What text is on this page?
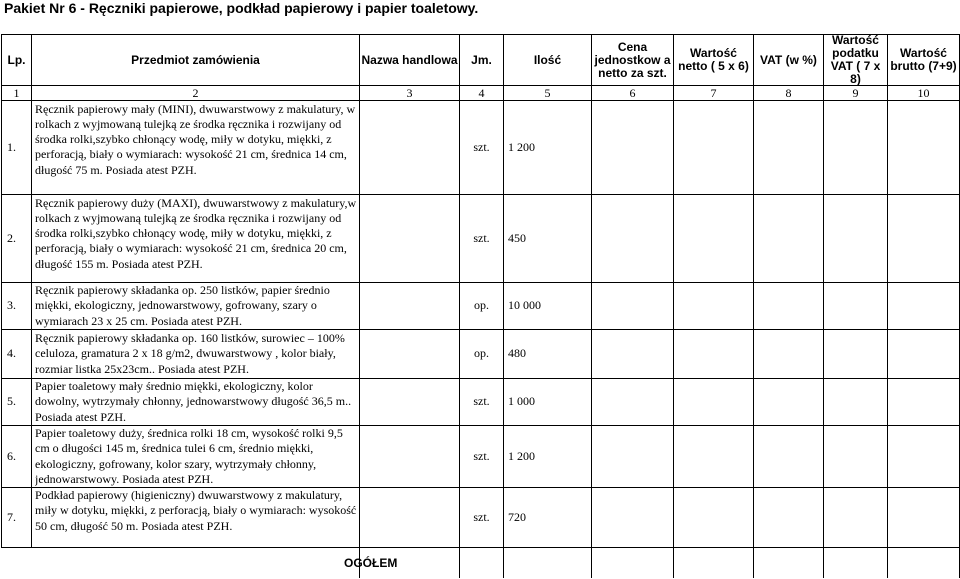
Pakiet Nr 6 - Ręczniki papierowe, podkład papierowy i papier toaletowy.
Lp.	Przedmiot zamówienia	Nazwa handlowa	Jm.	Ilość	Cena jednostkow a netto za szt.	Wartość netto ( 5 x 6)	VAT (w %)	Wartość podatku VAT ( 7 x 8)	Wartość brutto (7+9)

1	2	3	4	5	6	7	8	9	10
1.	Ręcznik papierowy mały (MINI), dwuwarstwowy z makulatury, w rolkach z wyjmowaną tulejką ze środka ręcznika i rozwijany od środka rolki,szybko chłonący wodę, miły w dotyku, miękki, z perforacją, biały o wymiarach: wysokość 21 cm, średnica 14 cm, długość 75 m. Posiada atest PZH.		szt.	1 200					
2.	Ręcznik papierowy duży (MAXI), dwuwarstwowy z makulatury,w rolkach z wyjmowaną tulejką ze środka ręcznika i rozwijany od środka rolki,szybko chłonący wodę, miły w dotyku, miękki, z perforacją, biały o wymiarach: wysokość 21 cm, średnica 20 cm, długość 155 m. Posiada atest PZH.		szt.	450					
3.	Ręcznik papierowy składanka op. 250 listków, papier średnio miękki, ekologiczny, jednowarstwowy, gofrowany, szary o wymiarach 23 x 25 cm. Posiada atest PZH.		op.	10 000					
4.	Ręcznik papierowy składanka op. 160 listków, surowiec – 100% celuloza, gramatura 2 x 18 g/m2, dwuwarstwowy , kolor biały, rozmiar listka 25x23cm.. Posiada atest PZH.		op.	480					
5.	Papier toaletowy mały średnio miękki, ekologiczny, kolor dowolny, wytrzymały chłonny, jednowarstwowy długość 36,5 m.. Posiada atest PZH.		szt.	1 000					
6.	Papier toaletowy duży, średnica rolki 18 cm, wysokość rolki 9,5 cm o długości 145 m, średnica tulei 6 cm, średnio miękki, ekologiczny, gofrowany, kolor szary, wytrzymały chłonny, jednowarstwowy. Posiada atest PZH.		szt.	1 200					
7.	Podkład papierowy (higieniczny) dwuwarstwowy z makulatury, miły w dotyku, miękki, z perforacją, biały o wymiarach: wysokość 50 cm, długość 50 m. Posiada atest PZH.		szt.	720					
		OGÓŁEM							
